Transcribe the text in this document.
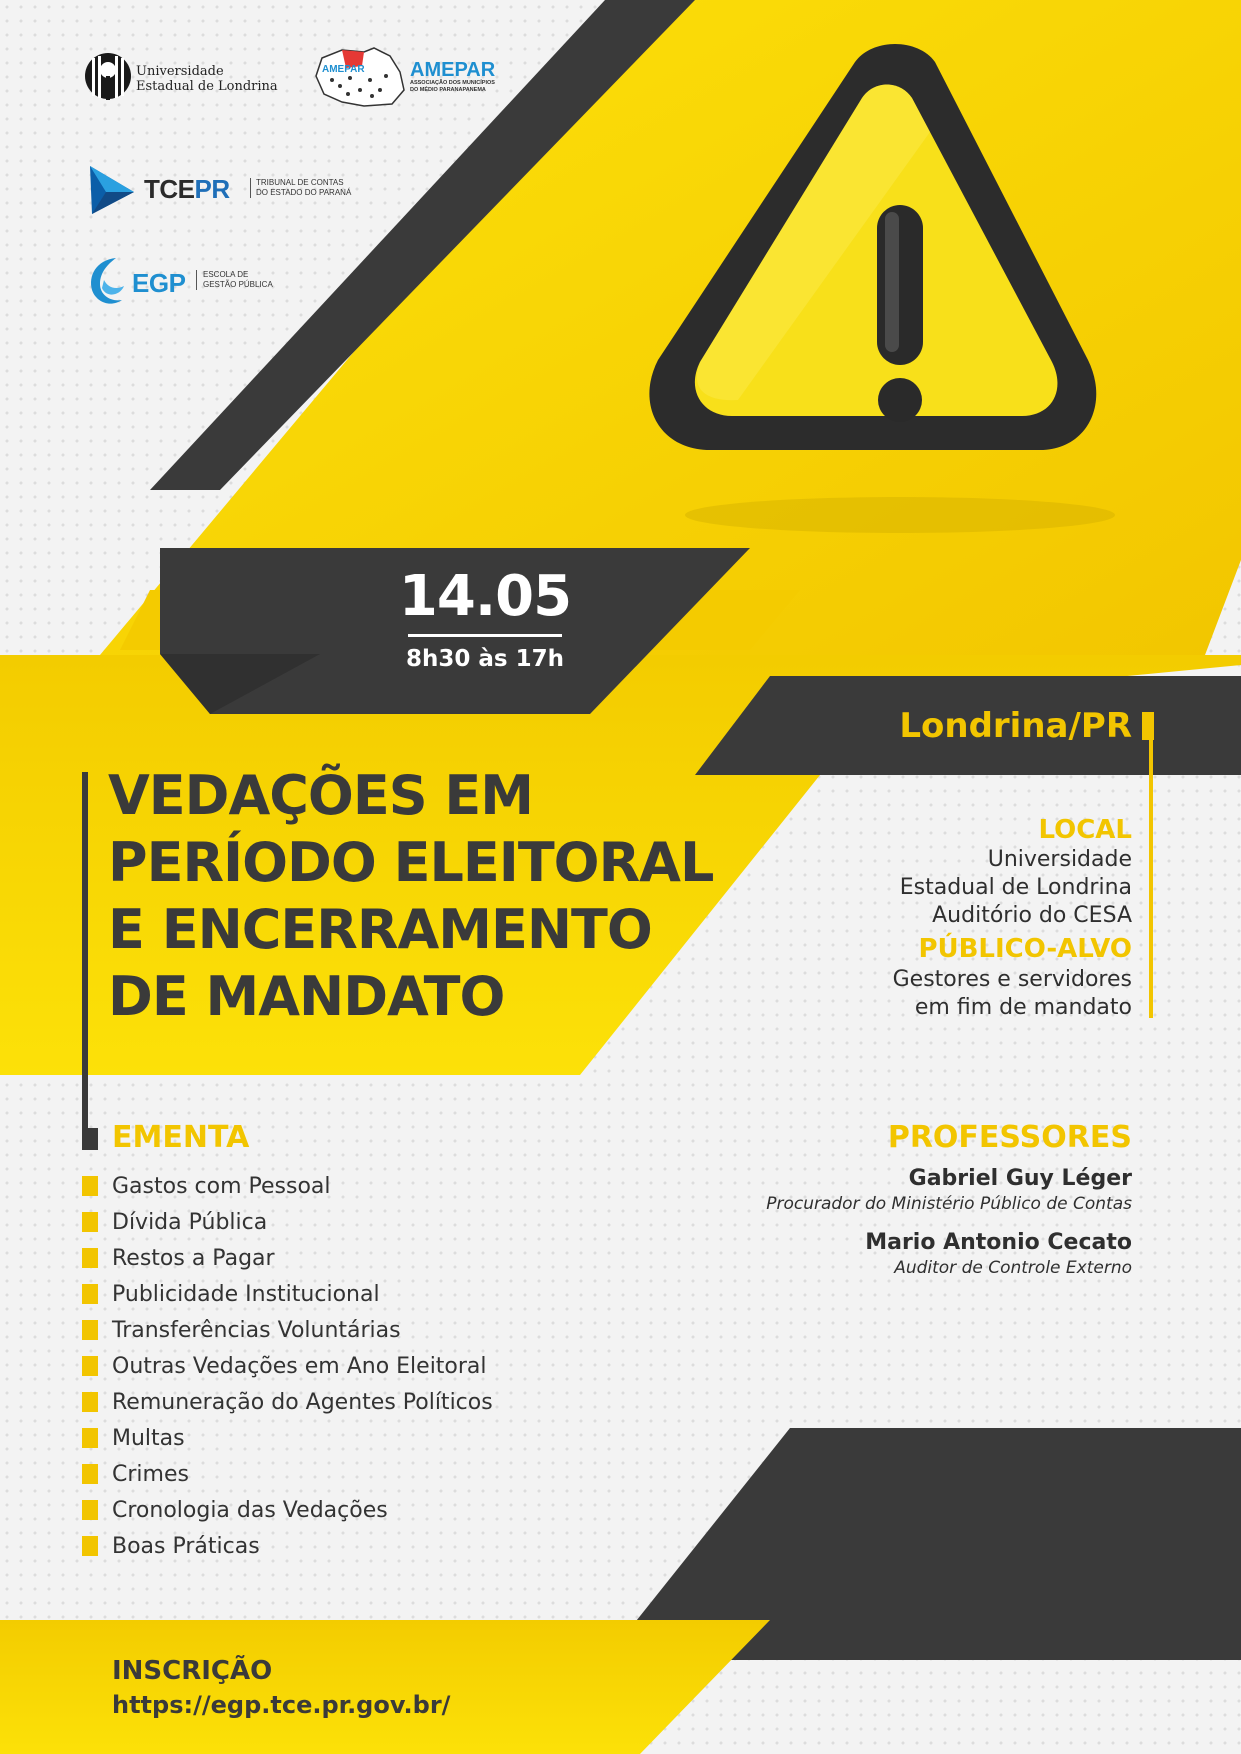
Universidade
Estadual de Londrina
AMEPAR AMEPAR
ASSOCIAÇÃO DOS MUNICÍPIOS
DO MÉDIO PARANAPANEMA
TCEPR	TRIBUNAL DE CONTAS
DO ESTADO DO PARANÁ
EGP ESCOLA DE
GESTÃO PÚBLICA
14.05
8h30 às 17h
Londrina/PR
VEDAÇÕES EM
PERÍODO ELEITORAL
E ENCERRAMENTO
DE MANDATO
LOCAL
Universidade
Estadual de Londrina
Auditório do CESA
PÚBLICO-ALVO
Gestores e servidores
em fim de mandato
EMENTA
Gastos com Pessoal
Dívida Pública
Restos a Pagar
Publicidade Institucional
Transferências Voluntárias
Outras Vedações em Ano Eleitoral
Remuneração do Agentes Políticos
Multas
Crimes
Cronologia das Vedações
Boas Práticas
PROFESSORES
Gabriel Guy Léger
Procurador do Ministério Público de Contas
Mario Antonio Cecato
Auditor de Controle Externo
INSCRIÇÃO
https://egp.tce.pr.gov.br/
